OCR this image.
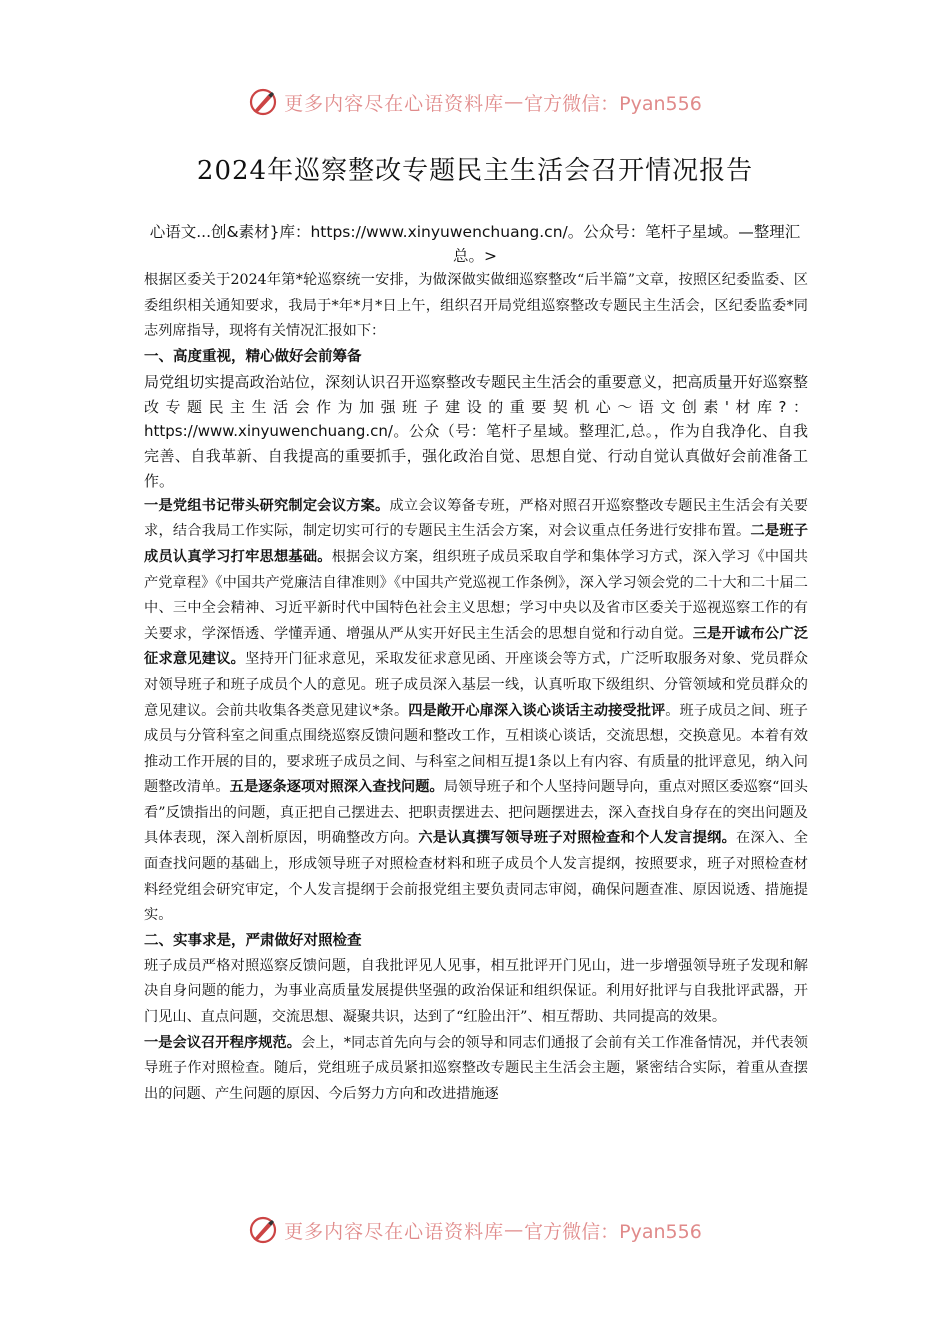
更多内容尽在心语资料库 — 官方微信：Pyan556
2024年巡察整改专题民主生活会召开情况报告
心语文...创&素材}库：https://www.xinyuwenchuang.cn/。公众号：笔杆子星域。—整理汇总。>

根据区委关于2024年第*轮巡察统一安排，为做深做实做细巡察整改“后半篇”文章，按照区纪委监委、区委组织相关通知要求，我局于*年*月*日上午，组织召开局党组巡察整改专题民主生活会，区纪委监委*同志列席指导，现将有关情况汇报如下：

一、高度重视，精心做好会前筹备

局党组切实提高政治站位，深刻认识召开巡察整改专题民主生活会的重要意义，把高质量开好巡察整改专题民主生活会作为加强班子建设的重要契机心～语文创素'材库?：https://www.xinyuwenchuang.cn/。公众（号：笔杆子星域。整理汇,总。，作为自我净化、自我完善、自我革新、自我提高的重要抓手，强化政治自觉、思想自觉、行动自觉认真做好会前准备工作。

一是党组书记带头研究制定会议方案。成立会议筹备专班，严格对照召开巡察整改专题民主生活会有关要求，结合我局工作实际，制定切实可行的专题民主生活会方案，对会议重点任务进行安排布置。二是班子成员认真学习打牢思想基础。根据会议方案，组织班子成员采取自学和集体学习方式，深入学习《中国共产党章程》《中国共产党廉洁自律准则》《中国共产党巡视工作条例》，深入学习领会党的二十大和二十届二中、三中全会精神、习近平新时代中国特色社会主义思想；学习中央以及省市区委关于巡视巡察工作的有关要求，学深悟透、学懂弄通、增强从严从实开好民主生活会的思想自觉和行动自觉。三是开诚布公广泛征求意见建议。坚持开门征求意见，采取发征求意见函、开座谈会等方式，广泛听取服务对象、党员群众对领导班子和班子成员个人的意见。班子成员深入基层一线，认真听取下级组织、分管领域和党员群众的意见建议。会前共收集各类意见建议*条。四是敞开心扉深入谈心谈话主动接受批评。班子成员之间、班子成员与分管科室之间重点围绕巡察反馈问题和整改工作，互相谈心谈话，交流思想，交换意见。本着有效推动工作开展的目的，要求班子成员之间、与科室之间相互提1条以上有内容、有质量的批评意见，纳入问题整改清单。五是逐条逐项对照深入查找问题。局领导班子和个人坚持问题导向，重点对照区委巡察“回头看”反馈指出的问题，真正把自己摆进去、把职责摆进去、把问题摆进去，深入查找自身存在的突出问题及具体表现，深入剖析原因，明确整改方向。六是认真撰写领导班子对照检查和个人发言提纲。在深入、全面查找问题的基础上，形成领导班子对照检查材料和班子成员个人发言提纲，按照要求，班子对照检查材料经党组会研究审定，个人发言提纲于会前报党组主要负责同志审阅，确保问题查准、原因说透、措施提实。

二、实事求是，严肃做好对照检查

班子成员严格对照巡察反馈问题，自我批评见人见事，相互批评开门见山，进一步增强领导班子发现和解决自身问题的能力，为事业高质量发展提供坚强的政治保证和组织保证。利用好批评与自我批评武器，开门见山、直点问题，交流思想、凝聚共识，达到了“红脸出汗”、相互帮助、共同提高的效果。

一是会议召开程序规范。会上，*同志首先向与会的领导和同志们通报了会前有关工作准备情况，并代表领导班子作对照检查。随后，党组班子成员紧扣巡察整改专题民主生活会主题，紧密结合实际，着重从查摆出的问题、产生问题的原因、今后努力方向和改进措施逐

更多内容尽在心语资料库 — 官方微信：Pyan556
